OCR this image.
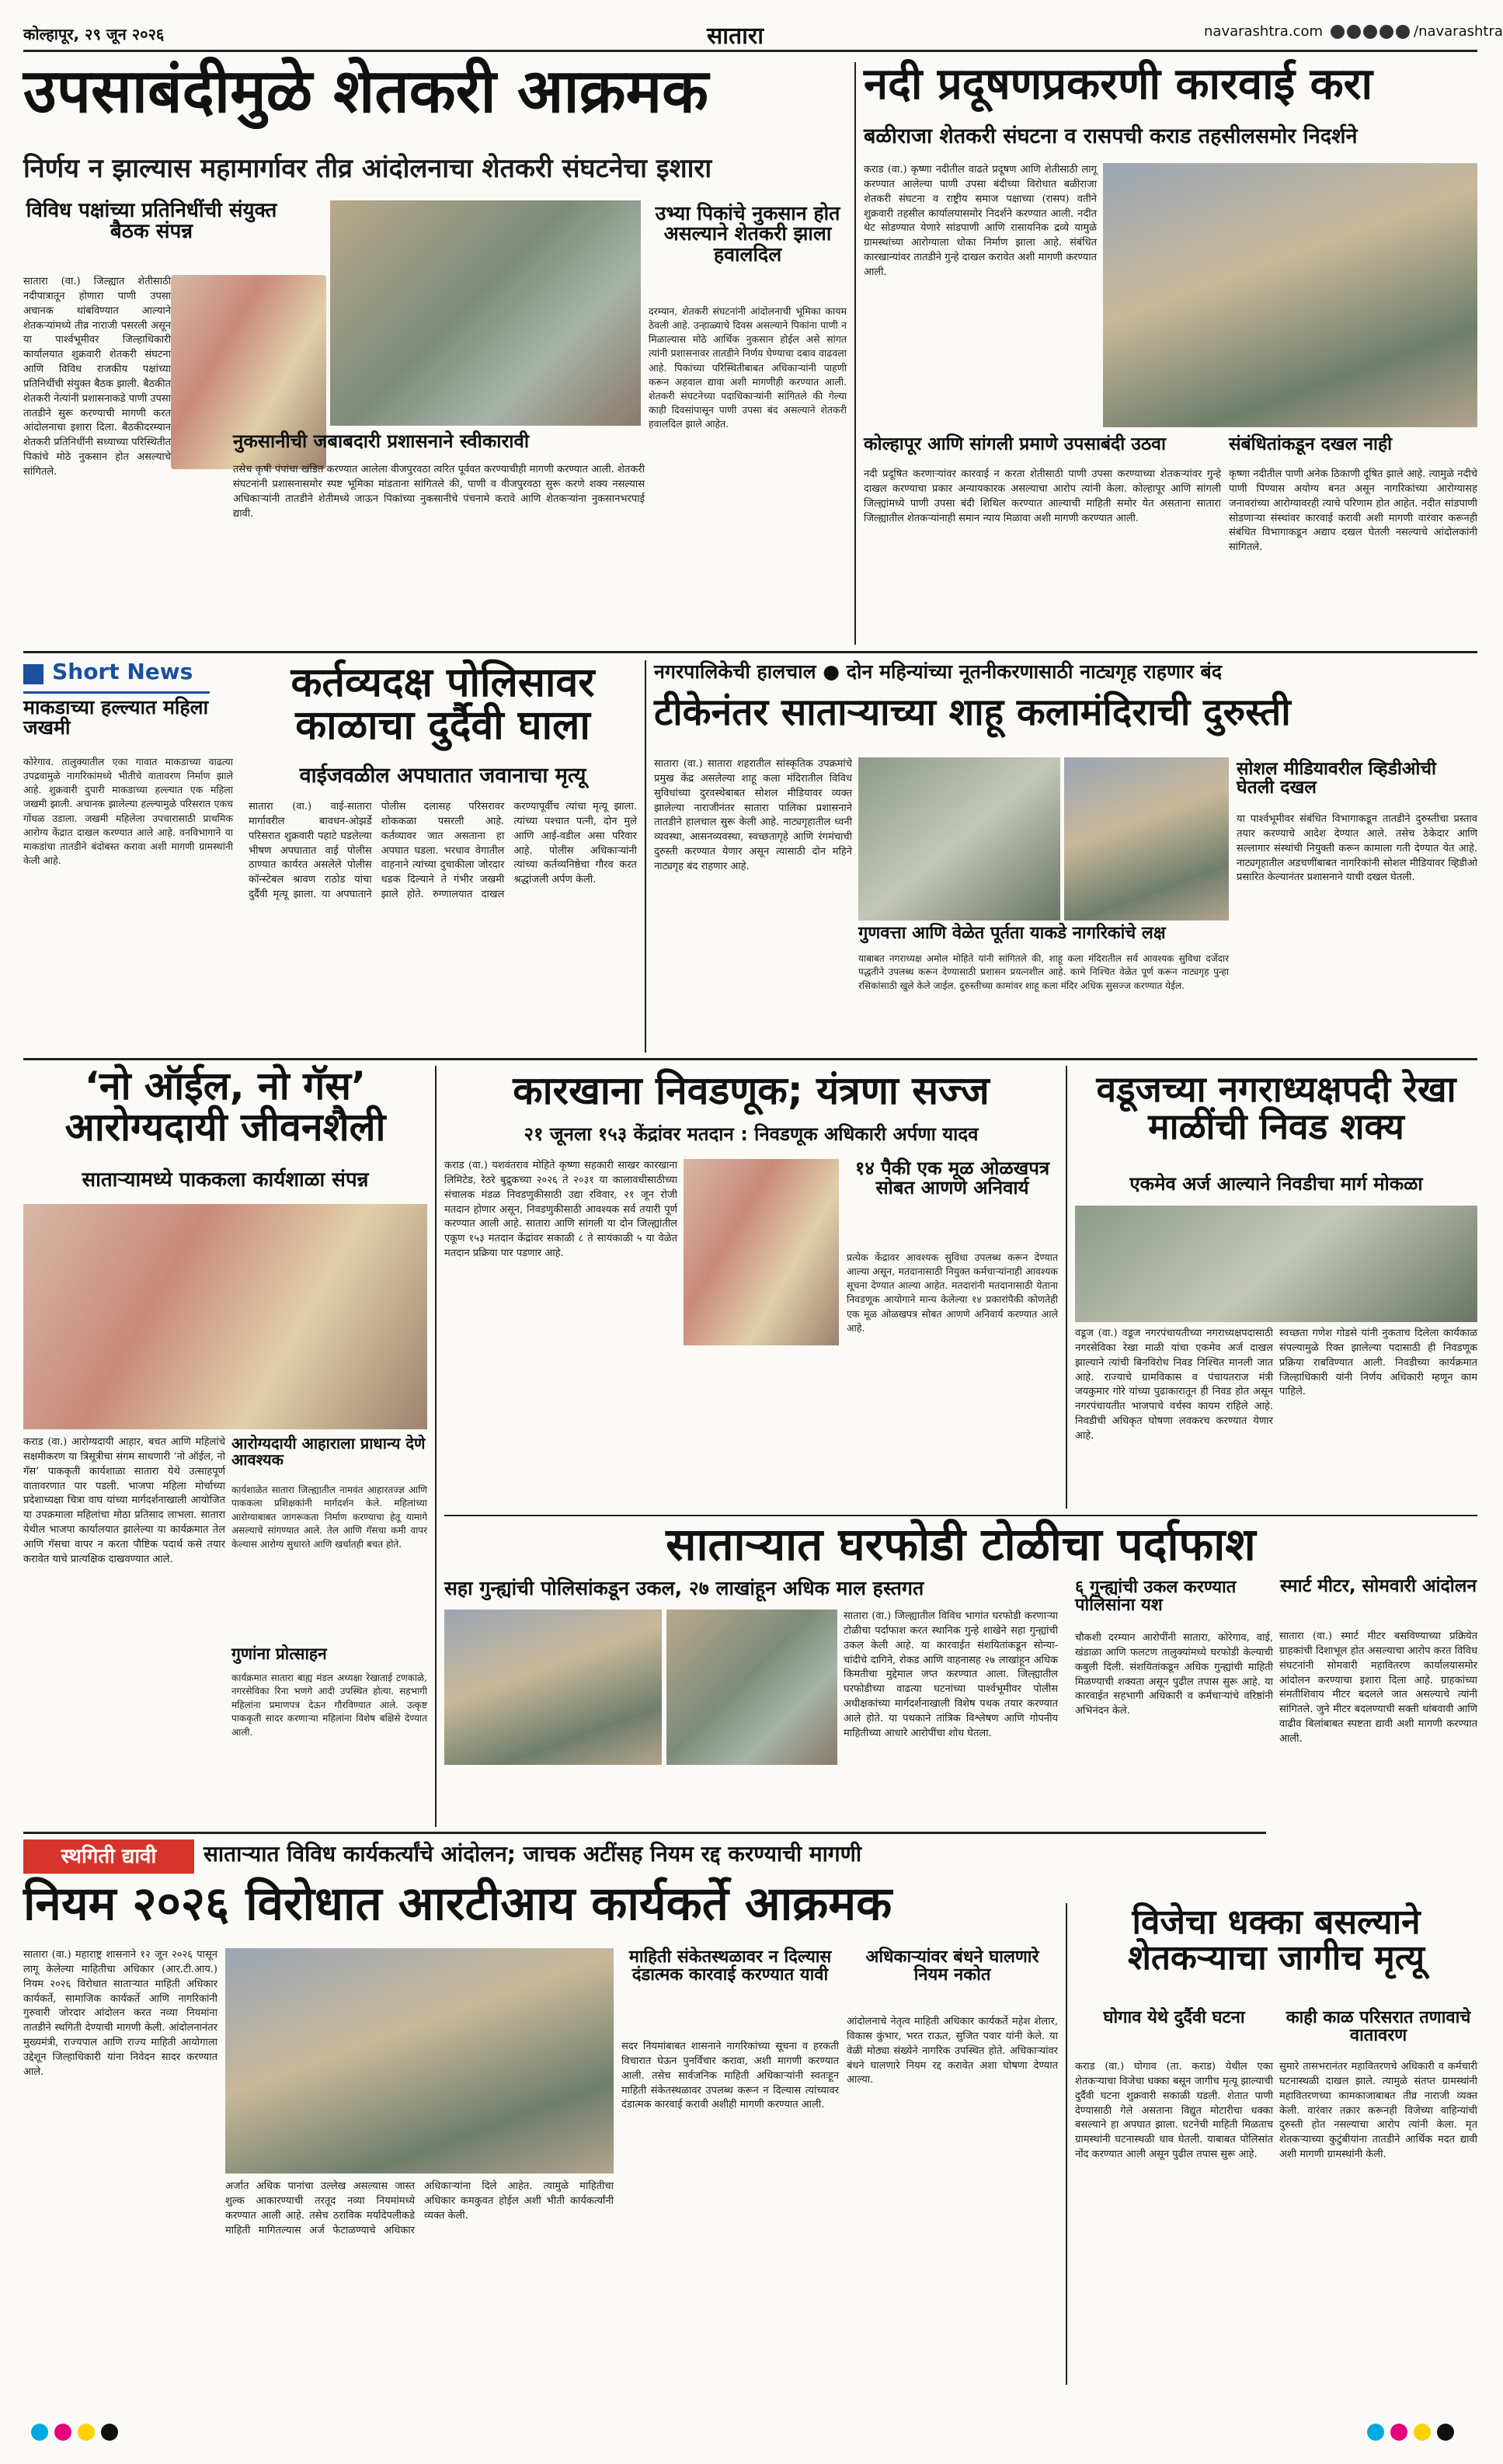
कोल्हापूर, २९ जून २०२६	सातारा	navarashtra.com	/navarashtra
उपसाबंदीमुळे शेतकरी आक्रमक
निर्णय न झाल्यास महामार्गावर तीव्र आंदोलनाचा शेतकरी संघटनेचा इशारा
विविध पक्षांच्या प्रतिनिधींची संयुक्त बैठक संपन्न
सातारा (वा.) जिल्ह्यात शेतीसाठी नदीपात्रातून होणारा पाणी उपसा अचानक थांबविण्यात आल्याने शेतकऱ्यांमध्ये तीव्र नाराजी पसरली असून या पार्श्वभूमीवर जिल्हाधिकारी कार्यालयात शुक्रवारी शेतकरी संघटना आणि विविध राजकीय पक्षांच्या प्रतिनिधींची संयुक्त बैठक झाली. बैठकीत शेतकरी नेत्यांनी प्रशासनाकडे पाणी उपसा तातडीने सुरू करण्याची मागणी करत आंदोलनाचा इशारा दिला. बैठकीदरम्यान शेतकरी प्रतिनिधींनी सध्याच्या परिस्थितीत पिकांचे मोठे नुकसान होत असल्याचे सांगितले.
उभ्या पिकांचे नुकसान होत असल्याने शेतकरी झाला हवालदिल
दरम्यान, शेतकरी संघटनांनी आंदोलनाची भूमिका कायम ठेवली आहे. उन्हाळ्याचे दिवस असल्याने पिकांना पाणी न मिळाल्यास मोठे आर्थिक नुकसान होईल असे सांगत त्यांनी प्रशासनावर तातडीने निर्णय घेण्याचा दबाव वाढवला आहे. पिकांच्या परिस्थितीबाबत अधिकाऱ्यांनी पाहणी करून अहवाल द्यावा अशी मागणीही करण्यात आली. शेतकरी संघटनेच्या पदाधिकाऱ्यांनी सांगितले की गेल्या काही दिवसांपासून पाणी उपसा बंद असल्याने शेतकरी हवालदिल झाले आहेत.
नुकसानीची जबाबदारी प्रशासनाने स्वीकारावी
तसेच कृषी पंपांचा खंडित करण्यात आलेला वीजपुरवठा त्वरित पूर्ववत करण्याचीही मागणी करण्यात आली. शेतकरी संघटनांनी प्रशासनासमोर स्पष्ट भूमिका मांडताना सांगितले की, पाणी व वीजपुरवठा सुरू करणे शक्य नसल्यास अधिकाऱ्यांनी तातडीने शेतीमध्ये जाऊन पिकांच्या नुकसानीचे पंचनामे करावे आणि शेतकऱ्यांना नुकसानभरपाई द्यावी.
नदी प्रदूषणप्रकरणी कारवाई करा
बळीराजा शेतकरी संघटना व रासपची कराड तहसीलसमोर निदर्शने
कराड (वा.) कृष्णा नदीतील वाढते प्रदूषण आणि शेतीसाठी लागू करण्यात आलेल्या पाणी उपसा बंदीच्या विरोधात बळीराजा शेतकरी संघटना व राष्ट्रीय समाज पक्षाच्या (रासप) वतीने शुक्रवारी तहसील कार्यालयासमोर निदर्शने करण्यात आली. नदीत थेट सोडण्यात येणारे सांडपाणी आणि रासायनिक द्रव्ये यामुळे ग्रामस्थांच्या आरोग्याला धोका निर्माण झाला आहे. संबंधित कारखान्यांवर तातडीने गुन्हे दाखल करावेत अशी मागणी करण्यात आली.
कोल्हापूर आणि सांगली प्रमाणे उपसाबंदी उठवा
नदी प्रदूषित करणाऱ्यांवर कारवाई न करता शेतीसाठी पाणी उपसा करण्याच्या शेतकऱ्यांवर गुन्हे दाखल करण्याचा प्रकार अन्यायकारक असल्याचा आरोप त्यांनी केला. कोल्हापूर आणि सांगली जिल्ह्यांमध्ये पाणी उपसा बंदी शिथिल करण्यात आल्याची माहिती समोर येत असताना सातारा जिल्ह्यातील शेतकऱ्यांनाही समान न्याय मिळावा अशी मागणी करण्यात आली.
संबंधितांकडून दखल नाही
कृष्णा नदीतील पाणी अनेक ठिकाणी दूषित झाले आहे. त्यामुळे नदीचे पाणी पिण्यास अयोग्य बनत असून नागरिकांच्या आरोग्यासह जनावरांच्या आरोग्यावरही त्याचे परिणाम होत आहेत. नदीत सांडपाणी सोडणाऱ्या संस्थांवर कारवाई करावी अशी मागणी वारंवार करूनही संबंधित विभागाकडून अद्याप दखल घेतली नसल्याचे आंदोलकांनी सांगितले.
Short News
माकडाच्या हल्ल्यात महिला जखमी
कोरेगाव. तालुक्यातील एका गावात माकडाच्या वाढत्या उपद्रवामुळे नागरिकांमध्ये भीतीचे वातावरण निर्माण झाले आहे. शुक्रवारी दुपारी माकडाच्या हल्ल्यात एक महिला जखमी झाली. अचानक झालेल्या हल्ल्यामुळे परिसरात एकच गोंधळ उडाला. जखमी महिलेला उपचारासाठी प्राथमिक आरोग्य केंद्रात दाखल करण्यात आले आहे. वनविभागाने या माकडांचा तातडीने बंदोबस्त करावा अशी मागणी ग्रामस्थांनी केली आहे.
कर्तव्यदक्ष पोलिसावर काळाचा दुर्दैवी घाला
वाईजवळील अपघातात जवानाचा मृत्यू
सातारा (वा.) वाई-सातारा मार्गावरील बावधन-ओझर्डे परिसरात शुक्रवारी पहाटे घडलेल्या भीषण अपघातात वाई पोलीस ठाण्यात कार्यरत असलेले पोलीस कॉन्स्टेबल श्रावण राठोड यांचा दुर्दैवी मृत्यू झाला. या अपघाताने पोलीस दलासह परिसरावर शोककळा पसरली आहे. कर्तव्यावर जात असताना हा अपघात घडला. भरधाव वेगातील वाहनाने त्यांच्या दुचाकीला जोरदार धडक दिल्याने ते गंभीर जखमी झाले होते. रुग्णालयात दाखल करण्यापूर्वीच त्यांचा मृत्यू झाला. त्यांच्या पश्चात पत्नी, दोन मुले आणि आई-वडील असा परिवार आहे. पोलीस अधिकाऱ्यांनी त्यांच्या कर्तव्यनिष्ठेचा गौरव करत श्रद्धांजली अर्पण केली.
नगरपालिकेची हालचाल ● दोन महिन्यांच्या नूतनीकरणासाठी नाट्यगृह राहणार बंद
टीकेनंतर साताऱ्याच्या शाहू कलामंदिराची दुरुस्ती
सातारा (वा.) सातारा शहरातील सांस्कृतिक उपक्रमांचे प्रमुख केंद्र असलेल्या शाहू कला मंदिरातील विविध सुविधांच्या दुरवस्थेबाबत सोशल मीडियावर व्यक्त झालेल्या नाराजीनंतर सातारा पालिका प्रशासनाने तातडीने हालचाल सुरू केली आहे. नाट्यगृहातील ध्वनी व्यवस्था, आसनव्यवस्था, स्वच्छतागृहे आणि रंगमंचाची दुरुस्ती करण्यात येणार असून त्यासाठी दोन महिने नाट्यगृह बंद राहणार आहे.
गुणवत्ता आणि वेळेत पूर्तता याकडे नागरिकांचे लक्ष
याबाबत नगराध्यक्ष अमोल मोहिते यांनी सांगितले की, शाहू कला मंदिरातील सर्व आवश्यक सुविधा दर्जेदार पद्धतीने उपलब्ध करून देण्यासाठी प्रशासन प्रयत्नशील आहे. कामे निश्चित वेळेत पूर्ण करून नाट्यगृह पुन्हा रसिकांसाठी खुले केले जाईल. दुरुस्तीच्या कामांवर शाहू कला मंदिर अधिक सुसज्ज करण्यात येईल.
सोशल मीडियावरील व्हिडीओची घेतली दखल
या पार्श्वभूमीवर संबंधित विभागाकडून तातडीने दुरुस्तीचा प्रस्ताव तयार करण्याचे आदेश देण्यात आले. तसेच ठेकेदार आणि सल्लागार संस्थांची नियुक्ती करून कामाला गती देण्यात येत आहे. नाट्यगृहातील अडचणींबाबत नागरिकांनी सोशल मीडियावर व्हिडीओ प्रसारित केल्यानंतर प्रशासनाने याची दखल घेतली.
‘नो ऑईल, नो गॅस’ आरोग्यदायी जीवनशैली
साताऱ्यामध्ये पाककला कार्यशाळा संपन्न
कराड (वा.) आरोग्यदायी आहार, बचत आणि महिलांचे सक्षमीकरण या त्रिसूत्रीचा संगम साधणारी ‘नो ऑईल, नो गॅस’ पाककृती कार्यशाळा सातारा येथे उत्साहपूर्ण वातावरणात पार पडली. भाजपा महिला मोर्चाच्या प्रदेशाध्यक्षा चित्रा वाघ यांच्या मार्गदर्शनाखाली आयोजित या उपक्रमाला महिलांचा मोठा प्रतिसाद लाभला. सातारा येथील भाजपा कार्यालयात झालेल्या या कार्यक्रमात तेल आणि गॅसचा वापर न करता पौष्टिक पदार्थ कसे तयार करावेत याचे प्रात्यक्षिक दाखवण्यात आले.
आरोग्यदायी आहाराला प्राधान्य देणे आवश्यक
कार्यशाळेत सातारा जिल्ह्यातील नामवंत आहारतज्ज्ञ आणि पाककला प्रशिक्षकांनी मार्गदर्शन केले. महिलांच्या आरोग्याबाबत जागरूकता निर्माण करण्याचा हेतू यामागे असल्याचे सांगण्यात आले. तेल आणि गॅसचा कमी वापर केल्यास आरोग्य सुधारते आणि खर्चातही बचत होते.
गुणांना प्रोत्साहन
कार्यक्रमात सातारा बाह्य मंडल अध्यक्षा रेखाताई टणकाळे, नगरसेविका रिना भणगे आदी उपस्थित होत्या. सहभागी महिलांना प्रमाणपत्र देऊन गौरविण्यात आले. उत्कृष्ट पाककृती सादर करणाऱ्या महिलांना विशेष बक्षिसे देण्यात आली.
कारखाना निवडणूक; यंत्रणा सज्ज
२१ जूनला १५३ केंद्रांवर मतदान : निवडणूक अधिकारी अर्पणा यादव
कराड (वा.) यशवंतराव मोहिते कृष्णा सहकारी साखर कारखाना लिमिटेड, रेठरे बुद्रुकच्या २०२६ ते २०३१ या कालावधीसाठीच्या संचालक मंडळ निवडणुकीसाठी उद्या रविवार, २१ जून रोजी मतदान होणार असून, निवडणुकीसाठी आवश्यक सर्व तयारी पूर्ण करण्यात आली आहे. सातारा आणि सांगली या दोन जिल्ह्यांतील एकूण १५३ मतदान केंद्रांवर सकाळी ८ ते सायंकाळी ५ या वेळेत मतदान प्रक्रिया पार पडणार आहे.
१४ पैकी एक मूळ ओळखपत्र सोबत आणणे अनिवार्य
प्रत्येक केंद्रावर आवश्यक सुविधा उपलब्ध करून देण्यात आल्या असून, मतदानासाठी नियुक्त कर्मचाऱ्यांनाही आवश्यक सूचना देण्यात आल्या आहेत. मतदारांनी मतदानासाठी येताना निवडणूक आयोगाने मान्य केलेल्या १४ प्रकारांपैकी कोणतेही एक मूळ ओळखपत्र सोबत आणणे अनिवार्य करण्यात आले आहे.
वडूजच्या नगराध्यक्षपदी रेखा माळींची निवड शक्य
एकमेव अर्ज आल्याने निवडीचा मार्ग मोकळा
वडूज (वा.) वडूज नगरपंचायतीच्या नगराध्यक्षपदासाठी नगरसेविका रेखा माळी यांचा एकमेव अर्ज दाखल झाल्याने त्यांची बिनविरोध निवड निश्चित मानली जात आहे. राज्याचे ग्रामविकास व पंचायतराज मंत्री जयकुमार गोरे यांच्या पुढाकारातून ही निवड होत असून नगरपंचायतीत भाजपाचे वर्चस्व कायम राहिले आहे. निवडीची अधिकृत घोषणा लवकरच करण्यात येणार आहे.
स्वच्छता गणेश गोडसे यांनी नुकताच दिलेला कार्यकाळ संपल्यामुळे रिक्त झालेल्या पदासाठी ही निवडणूक प्रक्रिया राबविण्यात आली. निवडीच्या कार्यक्रमात जिल्हाधिकारी यांनी निर्णय अधिकारी म्हणून काम पाहिले.
साताऱ्यात घरफोडी टोळीचा पर्दाफाश
सहा गुन्ह्यांची पोलिसांकडून उकल, २७ लाखांहून अधिक माल हस्तगत
सातारा (वा.) जिल्ह्यातील विविध भागांत घरफोडी करणाऱ्या टोळीचा पर्दाफाश करत स्थानिक गुन्हे शाखेने सहा गुन्ह्यांची उकल केली आहे. या कारवाईत संशयितांकडून सोन्या-चांदीचे दागिने, रोकड आणि वाहनासह २७ लाखांहून अधिक किमतीचा मुद्देमाल जप्त करण्यात आला. जिल्ह्यातील घरफोडीच्या वाढत्या घटनांच्या पार्श्वभूमीवर पोलीस अधीक्षकांच्या मार्गदर्शनाखाली विशेष पथक तयार करण्यात आले होते. या पथकाने तांत्रिक विश्लेषण आणि गोपनीय माहितीच्या आधारे आरोपींचा शोध घेतला.
६ गुन्ह्यांची उकल करण्यात पोलिसांना यश
चौकशी दरम्यान आरोपींनी सातारा, कोरेगाव, वाई, खंडाळा आणि फलटण तालुक्यांमध्ये घरफोडी केल्याची कबुली दिली. संशयितांकडून अधिक गुन्ह्यांची माहिती मिळण्याची शक्यता असून पुढील तपास सुरू आहे. या कारवाईत सहभागी अधिकारी व कर्मचाऱ्यांचे वरिष्ठांनी अभिनंदन केले.
स्मार्ट मीटर, सोमवारी आंदोलन
सातारा (वा.) स्मार्ट मीटर बसविण्याच्या प्रक्रियेत ग्राहकांची दिशाभूल होत असल्याचा आरोप करत विविध संघटनांनी सोमवारी महावितरण कार्यालयासमोर आंदोलन करण्याचा इशारा दिला आहे. ग्राहकांच्या संमतीशिवाय मीटर बदलले जात असल्याचे त्यांनी सांगितले. जुने मीटर बदलण्याची सक्ती थांबवावी आणि वाढीव बिलांबाबत स्पष्टता द्यावी अशी मागणी करण्यात आली.
स्थगिती द्यावी	साताऱ्यात विविध कार्यकर्त्यांचे आंदोलन; जाचक अटींसह नियम रद्द करण्याची मागणी
नियम २०२६ विरोधात आरटीआय कार्यकर्ते आक्रमक
सातारा (वा.) महाराष्ट्र शासनाने १२ जून २०२६ पासून लागू केलेल्या माहितीचा अधिकार (आर.टी.आय.) नियम २०२६ विरोधात साताऱ्यात माहिती अधिकार कार्यकर्ते, सामाजिक कार्यकर्ते आणि नागरिकांनी गुरुवारी जोरदार आंदोलन करत नव्या नियमांना तातडीने स्थगिती देण्याची मागणी केली. आंदोलनानंतर मुख्यमंत्री, राज्यपाल आणि राज्य माहिती आयोगाला उद्देशून जिल्हाधिकारी यांना निवेदन सादर करण्यात आले.
अर्जात अधिक पानांचा उल्लेख असल्यास जास्त शुल्क आकारण्याची तरतूद नव्या नियमांमध्ये करण्यात आली आहे. तसेच ठराविक मर्यादेपलीकडे माहिती मागितल्यास अर्ज फेटाळण्याचे अधिकार अधिकाऱ्यांना दिले आहेत. त्यामुळे माहितीचा अधिकार कमकुवत होईल अशी भीती कार्यकर्त्यांनी व्यक्त केली.
माहिती संकेतस्थळावर न दिल्यास दंडात्मक कारवाई करण्यात यावी
सदर नियमांबाबत शासनाने नागरिकांच्या सूचना व हरकती विचारात घेऊन पुनर्विचार करावा, अशी मागणी करण्यात आली. तसेच सार्वजनिक माहिती अधिकाऱ्यांनी स्वतःहून माहिती संकेतस्थळावर उपलब्ध करून न दिल्यास त्यांच्यावर दंडात्मक कारवाई करावी अशीही मागणी करण्यात आली.
अधिकाऱ्यांवर बंधने घालणारे नियम नकोत
आंदोलनाचे नेतृत्व माहिती अधिकार कार्यकर्ते महेश शेलार, विकास कुंभार, भरत राऊत, सुजित पवार यांनी केले. या वेळी मोठ्या संख्येने नागरिक उपस्थित होते. अधिकाऱ्यांवर बंधने घालणारे नियम रद्द करावेत अशा घोषणा देण्यात आल्या.
विजेचा धक्का बसल्याने शेतकऱ्याचा जागीच मृत्यू
घोगाव येथे दुर्दैवी घटना
कराड (वा.) घोगाव (ता. कराड) येथील एका शेतकऱ्याचा विजेचा धक्का बसून जागीच मृत्यू झाल्याची दुर्दैवी घटना शुक्रवारी सकाळी घडली. शेतात पाणी देण्यासाठी गेले असताना विद्युत मोटारीचा धक्का बसल्याने हा अपघात झाला. घटनेची माहिती मिळताच ग्रामस्थांनी घटनास्थळी धाव घेतली. याबाबत पोलिसांत नोंद करण्यात आली असून पुढील तपास सुरू आहे.
काही काळ परिसरात तणावाचे वातावरण
सुमारे तासभरानंतर महावितरणचे अधिकारी व कर्मचारी घटनास्थळी दाखल झाले. त्यामुळे संतप्त ग्रामस्थांनी महावितरणच्या कामकाजाबाबत तीव्र नाराजी व्यक्त केली. वारंवार तक्रार करूनही विजेच्या वाहिन्यांची दुरुस्ती होत नसल्याचा आरोप त्यांनी केला. मृत शेतकऱ्याच्या कुटुंबीयांना तातडीने आर्थिक मदत द्यावी अशी मागणी ग्रामस्थांनी केली.
